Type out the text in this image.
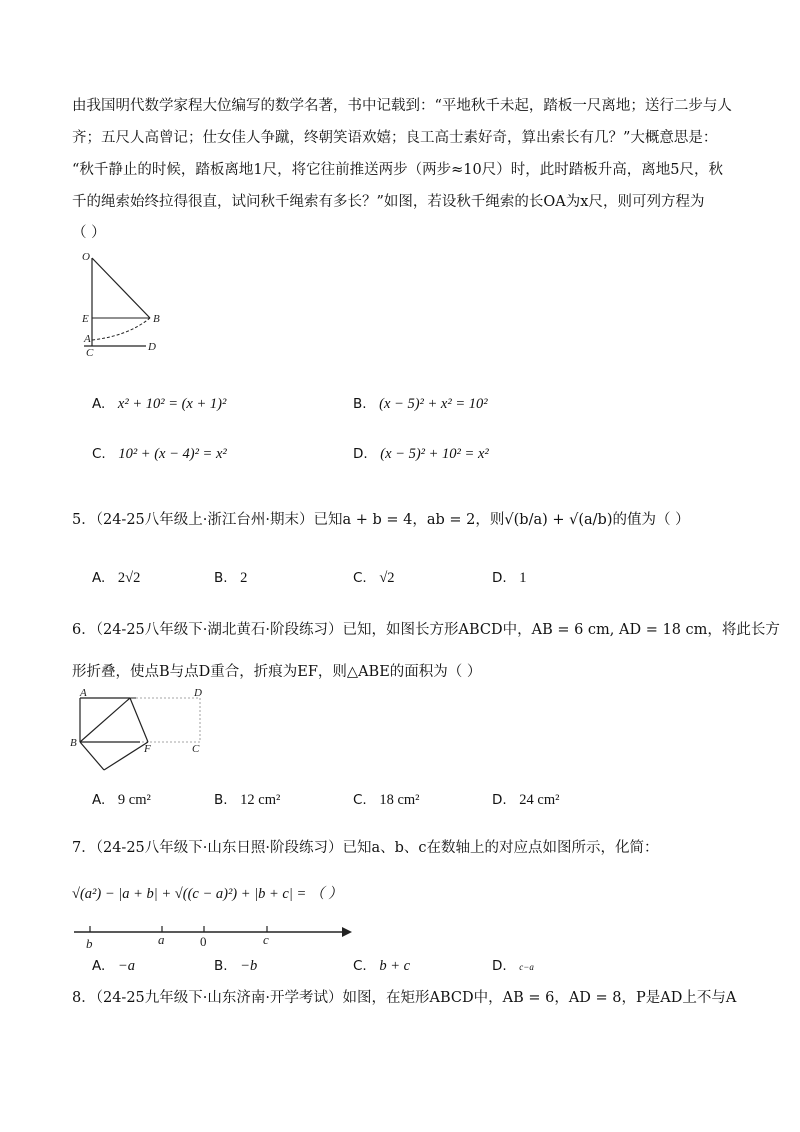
由我国明代数学家程大位编写的数学名著，书中记载到：“平地秋千未起，踏板一尺离地；送行二步与人
齐；五尺人高曾记；仕女佳人争蹴，终朝笑语欢嬉；良工高士素好奇，算出索长有几？”大概意思是：
“秋千静止的时候，踏板离地1尺，将它往前推送两步（两步≈10尺）时，此时踏板升高，离地5尺，秋
千的绳索始终拉得很直，试问秋千绳索有多长？”如图，若设秋千绳索的长OA为x尺，则可列方程为
（ ）
O
E	B
A
C	D
A. x² + 10² = (x + 1)²	B. (x − 5)² + x² = 10²
C. 10² + (x − 4)² = x²	D. (x − 5)² + 10² = x²
5．（24-25八年级上·浙江台州·期末）已知a + b = 4，ab = 2，则√(b/a) + √(a/b)的值为（ ）
A. 2√2	B. 2	C. √2	D. 1
6．（24-25八年级下·湖北黄石·阶段练习）已知，如图长方形ABCD中，AB = 6 cm, AD = 18 cm，将此长方
形折叠，使点B与点D重合，折痕为EF，则△ABE的面积为（ ）
A	D
B	F	C
A. 9 cm²	B. 12 cm²	C. 18 cm²	D. 24 cm²
7．（24-25八年级下·山东日照·阶段练习）已知a、b、c在数轴上的对应点如图所示，化简：
√(a²) − |a + b| + √((c − a)²) + |b + c| = （ ）
b	a	0	c
A. −a	B. −b	C. b + c	D. c−a
8．（24-25九年级下·山东济南·开学考试）如图，在矩形ABCD中，AB = 6，AD = 8，P是AD上不与A
